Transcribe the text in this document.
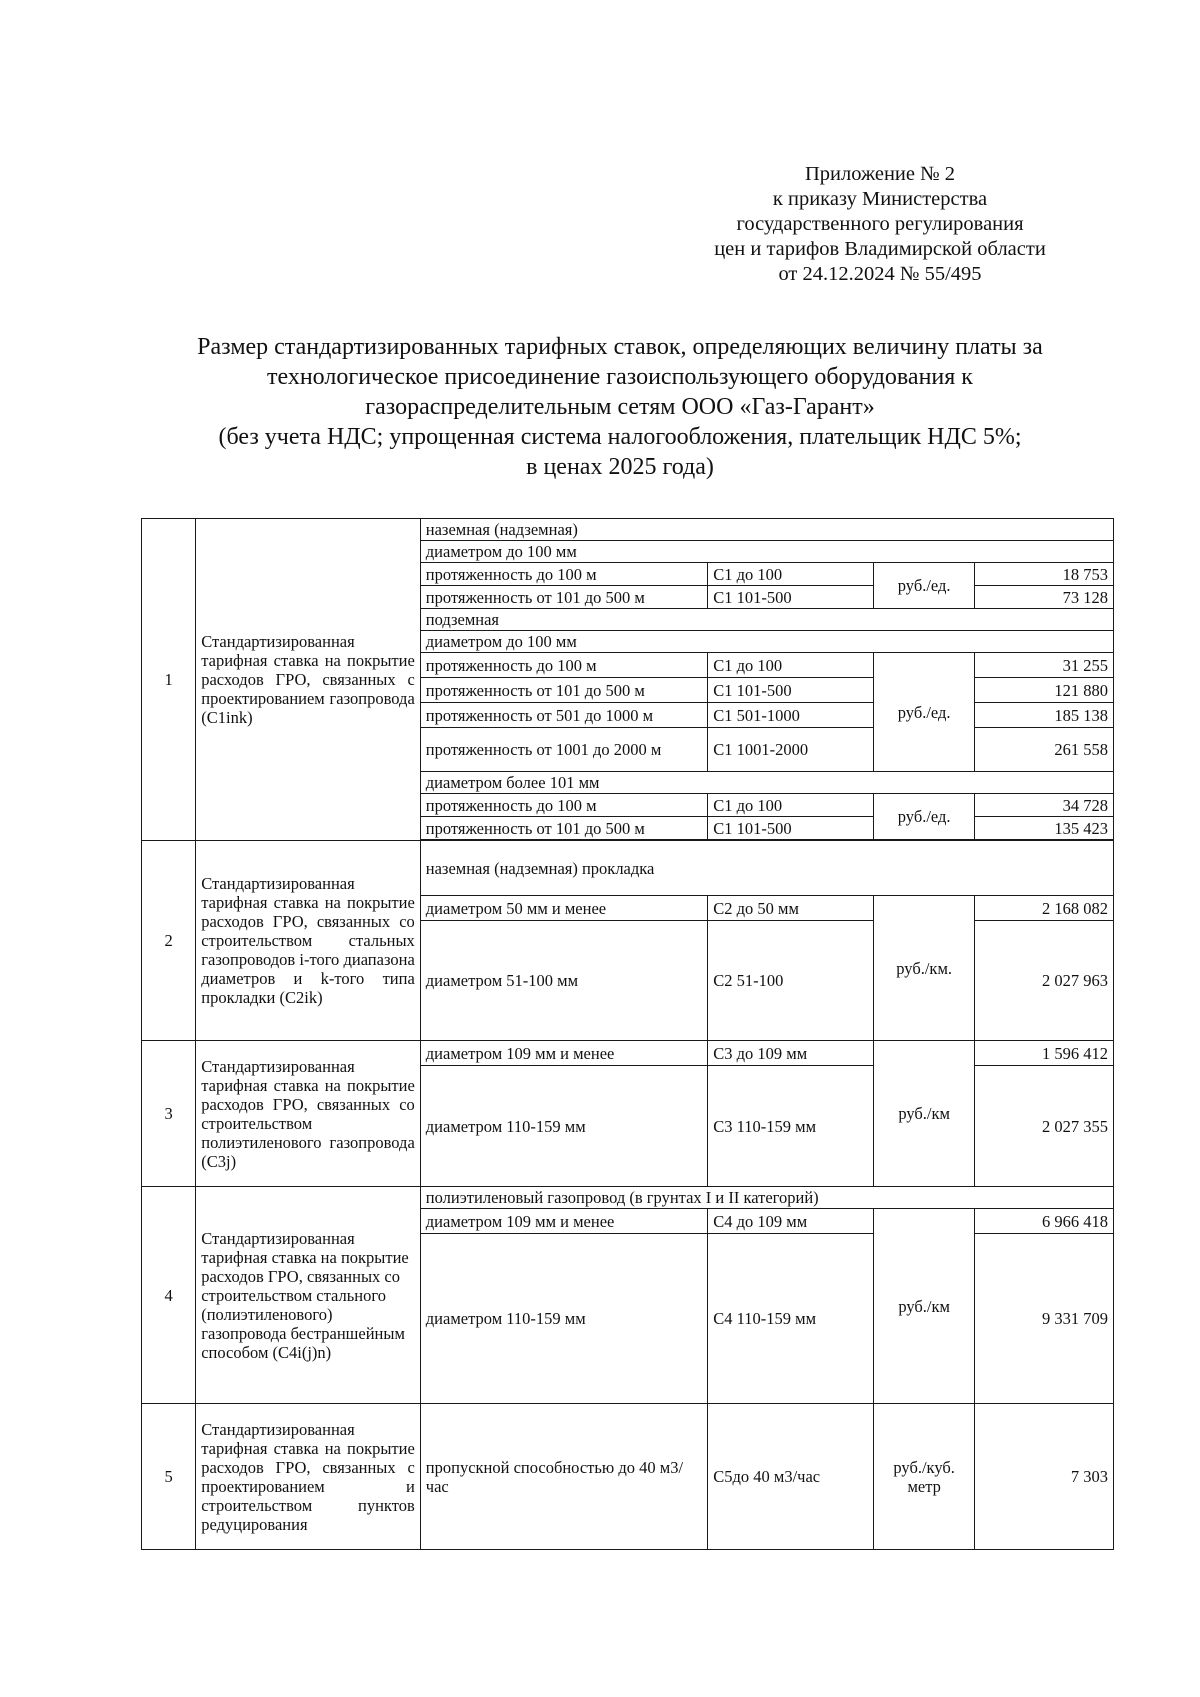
Приложение № 2
к приказу Министерства
государственного регулирования
цен и тарифов Владимирской области
от 24.12.2024 № 55/495
Размер стандартизированных тарифных ставок, определяющих величину платы за
технологическое присоединение газоиспользующего оборудования к
газораспределительным сетям ООО «Газ-Гарант»
(без учета НДС; упрощенная система налогообложения, плательщик НДС 5%;
в ценах 2025 года)
1	Стандартизированная тарифная ставка на покрытие расходов ГРО, связанных с проектированием газопровода (С1ink)	наземная (надземная)			
		диаметром до 100 мм			
		протяженность до 100 м	С1 до 100	руб./ед.	18 753
		протяженность от 101 до 500 м	С1 101-500		73 128
		подземная			
		диаметром до 100 мм			
		протяженность до 100 м	С1 до 100	руб./ед.	31 255
		протяженность от 101 до 500 м	С1 101-500		121 880
		протяженность от 501 до 1000 м	С1 501-1000		185 138
		протяженность от 1001 до 2000 м	С1 1001-2000		261 558
		диаметром более 101 мм			
		протяженность до 100 м	С1 до 100	руб./ед.	34 728
		протяженность от 101 до 500 м	С1 101-500		135 423

2	Стандартизированная тарифная ставка на покрытие расходов ГРО, связанных со строительством стальных газопроводов i-того диапазона диаметров и k-того типа прокладки (С2ik)	наземная (надземная) прокладка			
		диаметром 50 мм и менее	С2 до 50 мм	руб./км.	2 168 082
		диаметром 51-100 мм	С2 51-100		2 027 963
3	Стандартизированная тарифная ставка на покрытие расходов ГРО, связанных со строительством полиэтиленового газопровода (С3j)	диаметром 109 мм и менее	С3 до 109 мм	руб./км	1 596 412
		диаметром 110-159 мм	С3 110-159 мм		2 027 355
4	Стандартизированная тарифная ставка на покрытие расходов ГРО, связанных со строительством стального (полиэтиленового) газопровода бестраншейным способом (С4i(j)n)	полиэтиленовый газопровод (в грунтах I и II категорий)			
		диаметром 109 мм и менее	С4 до 109 мм	руб./км	6 966 418
		диаметром 110-159 мм	С4 110-159 мм		9 331 709
5	Стандартизированная тарифная ставка на покрытие расходов ГРО, связанных с проектированием и строительством пунктов редуцирования	пропускной способностью до 40 м3/час	С5до 40 м3/час	руб./куб. метр	7 303
